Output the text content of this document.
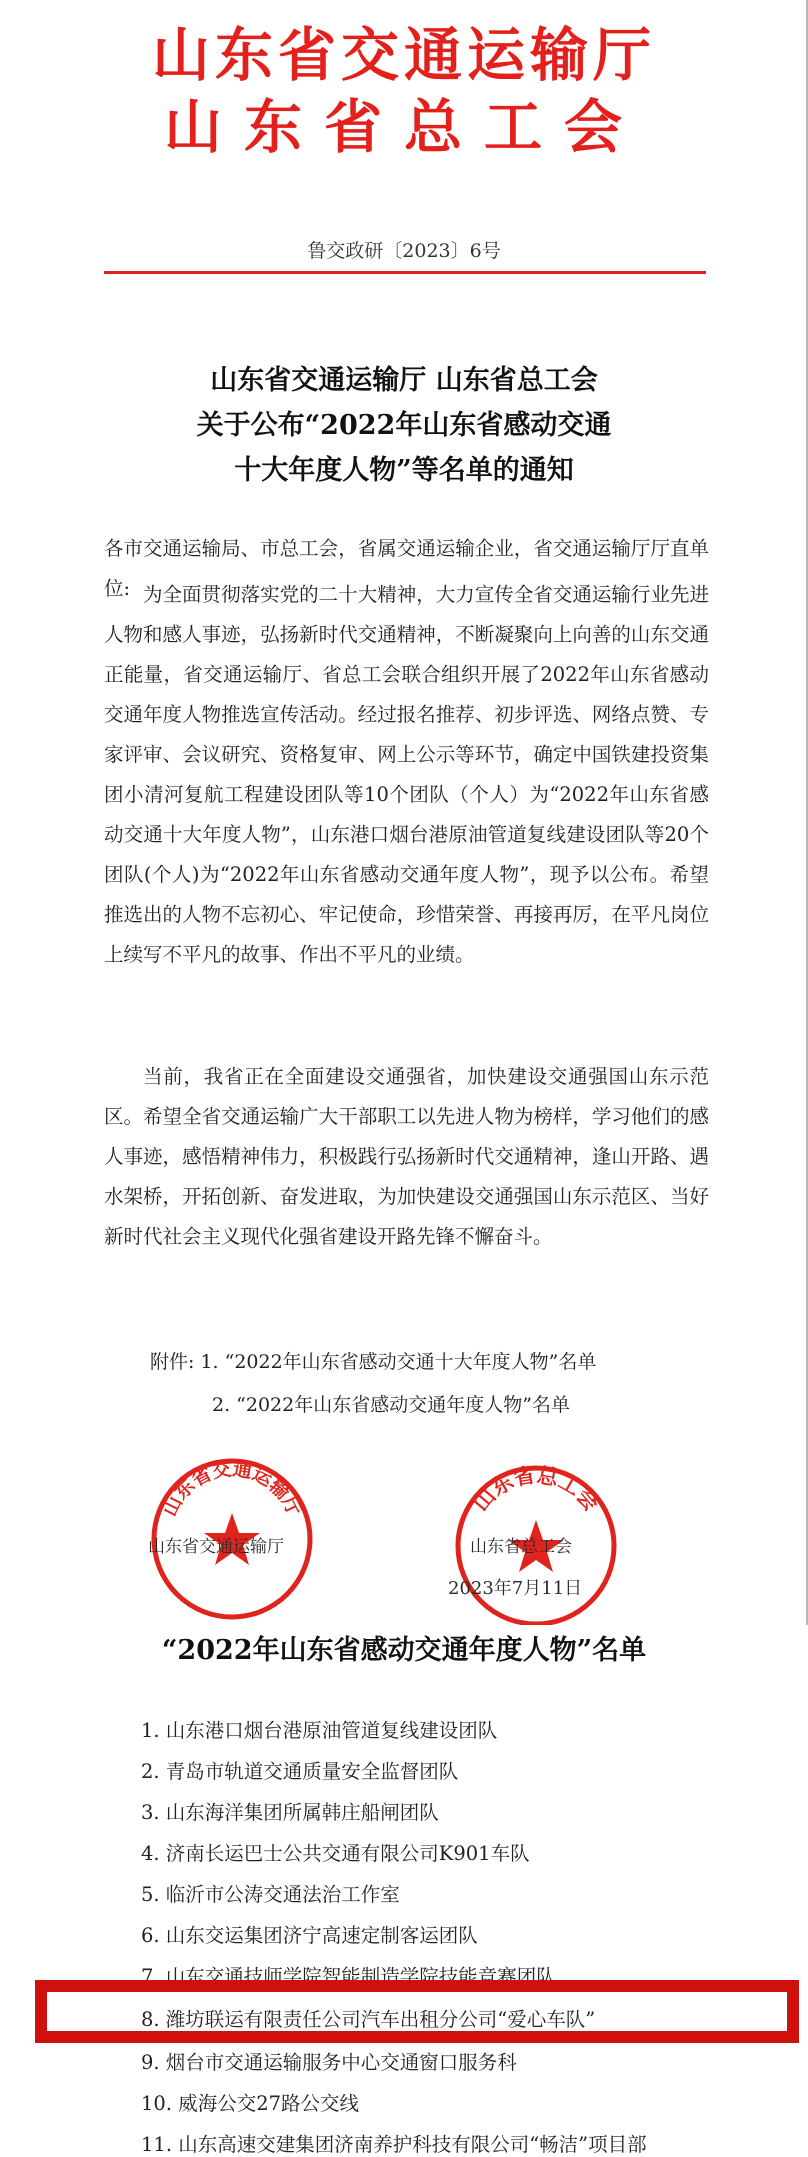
山东省交通运输厅
山东省总工会
鲁交政研〔2023〕6号
山东省交通运输厅 山东省总工会
关于公布“2022年山东省感动交通
十大年度人物”等名单的通知
各市交通运输局、市总工会，省属交通运输企业，省交通运输厅厅直单位: 为全面贯彻落实党的二十大精神，大力宣传全省交通运输行业先进人物和感人事迹，弘扬新时代交通精神，不断凝聚向上向善的山东交通正能量，省交通运输厅、省总工会联合组织开展了2022年山东省感动交通年度人物推选宣传活动。经过报名推荐、初步评选、网络点赞、专家评审、会议研究、资格复审、网上公示等环节，确定中国铁建投资集团小清河复航工程建设团队等10个团队（个人）为“2022年山东省感动交通十大年度人物”，山东港口烟台港原油管道复线建设团队等20个团队(个人)为“2022年山东省感动交通年度人物”，现予以公布。希望推选出的人物不忘初心、牢记使命，珍惜荣誉、再接再厉，在平凡岗位上续写不平凡的故事、作出不平凡的业绩。
当前，我省正在全面建设交通强省，加快建设交通强国山东示范区。希望全省交通运输广大干部职工以先进人物为榜样，学习他们的感人事迹，感悟精神伟力，积极践行弘扬新时代交通精神，逢山开路、遇水架桥，开拓创新、奋发进取，为加快建设交通强国山东示范区、当好新时代社会主义现代化强省建设开路先锋不懈奋斗。
附件: 1. “2022年山东省感动交通十大年度人物”名单
2. “2022年山东省感动交通年度人物”名单
山东省交通运输厅	山东省总工会
山东省交通运输厅	山东省总工会
2023年7月11日
“2022年山东省感动交通年度人物”名单
1. 山东港口烟台港原油管道复线建设团队
2. 青岛市轨道交通质量安全监督团队
3. 山东海洋集团所属韩庄船闸团队
4. 济南长运巴士公共交通有限公司K901车队
5. 临沂市公涛交通法治工作室
6. 山东交运集团济宁高速定制客运团队
7. 山东交通技师学院智能制造学院技能竞赛团队
8. 潍坊联运有限责任公司汽车出租分公司“爱心车队”
9. 烟台市交通运输服务中心交通窗口服务科
10. 威海公交27路公交线
11. 山东高速交建集团济南养护科技有限公司“畅洁”项目部
